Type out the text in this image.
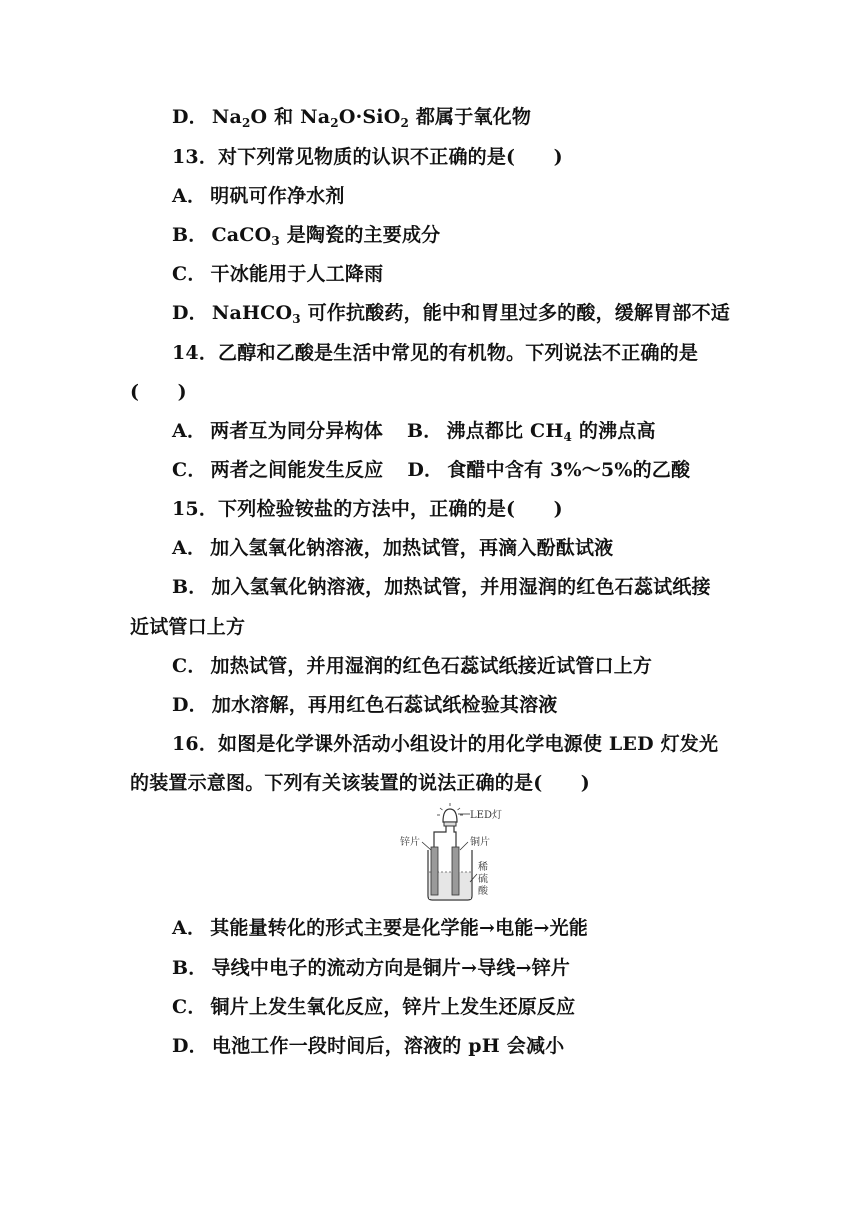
D． $Na_2O$ 和 $Na_2O\cdot SiO_2$ 都属于氧化物
13．对下列常见物质的认识不正确的是(　　)
A． 明矾可作净水剂
B． CaCO$_3$ 是陶瓷的主要成分
C． 干冰能用于人工降雨
D． NaHCO$_3$ 可作抗酸药，能中和胃里过多的酸，缓解胃部不适
14．乙醇和乙酸是生活中常见的有机物。下列说法不正确的是
(　　)
A． 两者互为同分异构体 B． 沸点都比 $CH_4$ 的沸点高
C． 两者之间能发生反应 D． 食醋中含有 3%～5%的乙酸
15．下列检验铵盐的方法中，正确的是(　　)
A． 加入氢氧化钠溶液，加热试管，再滴入酚酞试液
B． 加入氢氧化钠溶液，加热试管，并用湿润的红色石蕊试纸接
近试管口上方
C． 加热试管，并用湿润的红色石蕊试纸接近试管口上方
D． 加水溶解，再用红色石蕊试纸检验其溶液
16．如图是化学课外活动小组设计的用化学电源使 LED 灯发光
的装置示意图。下列有关该装置的说法正确的是(　　)
LED灯
锌片	铜片
稀
硫
酸
A． 其能量转化的形式主要是化学能→电能→光能
B． 导线中电子的流动方向是铜片→导线→锌片
C． 铜片上发生氧化反应，锌片上发生还原反应
D． 电池工作一段时间后，溶液的 pH 会减小
